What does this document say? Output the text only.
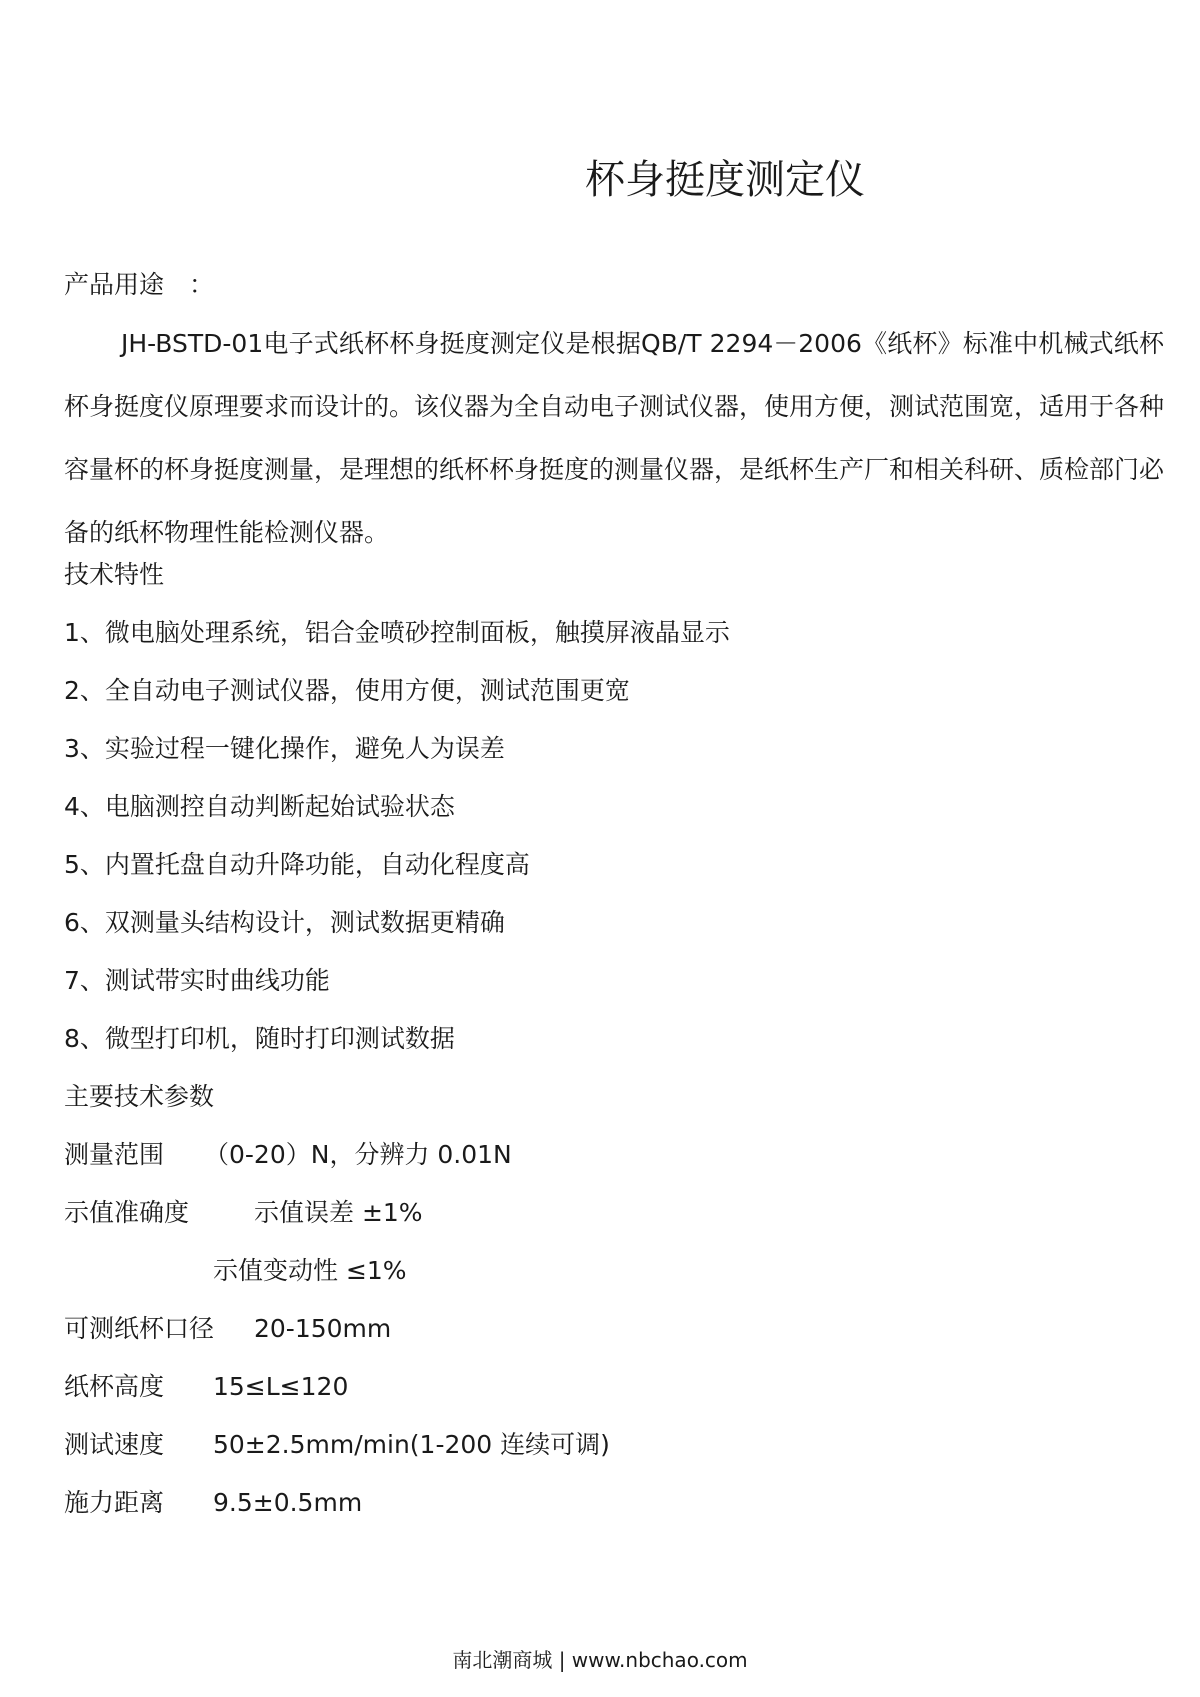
杯身挺度测定仪
产品用途　：
JH-BSTD-01电子式纸杯杯身挺度测定仪是根据QB/T 2294－2006《纸杯》标准中机械式纸杯杯身挺度仪原理要求而设计的。该仪器为全自动电子测试仪器，使用方便，测试范围宽，适用于各种容量杯的杯身挺度测量，是理想的纸杯杯身挺度的测量仪器，是纸杯生产厂和相关科研、质检部门必备的纸杯物理性能检测仪器。
技术特性
1、微电脑处理系统，铝合金喷砂控制面板，触摸屏液晶显示
2、全自动电子测试仪器，使用方便，测试范围更宽
3、实验过程一键化操作，避免人为误差
4、电脑测控自动判断起始试验状态
5、内置托盘自动升降功能，自动化程度高
6、双测量头结构设计，测试数据更精确
7、测试带实时曲线功能
8、微型打印机，随时打印测试数据
主要技术参数
测量范围 （0-20）N，分辨力 0.01N
示值准确度	示值误差 ±1%
示值变动性 ≤1%
可测纸杯口径 20-150mm
纸杯高度 15≤L≤120
测试速度 50±2.5mm/min(1-200 连续可调)
施力距离 9.5±0.5mm
南北潮商城 | www.nbchao.com
